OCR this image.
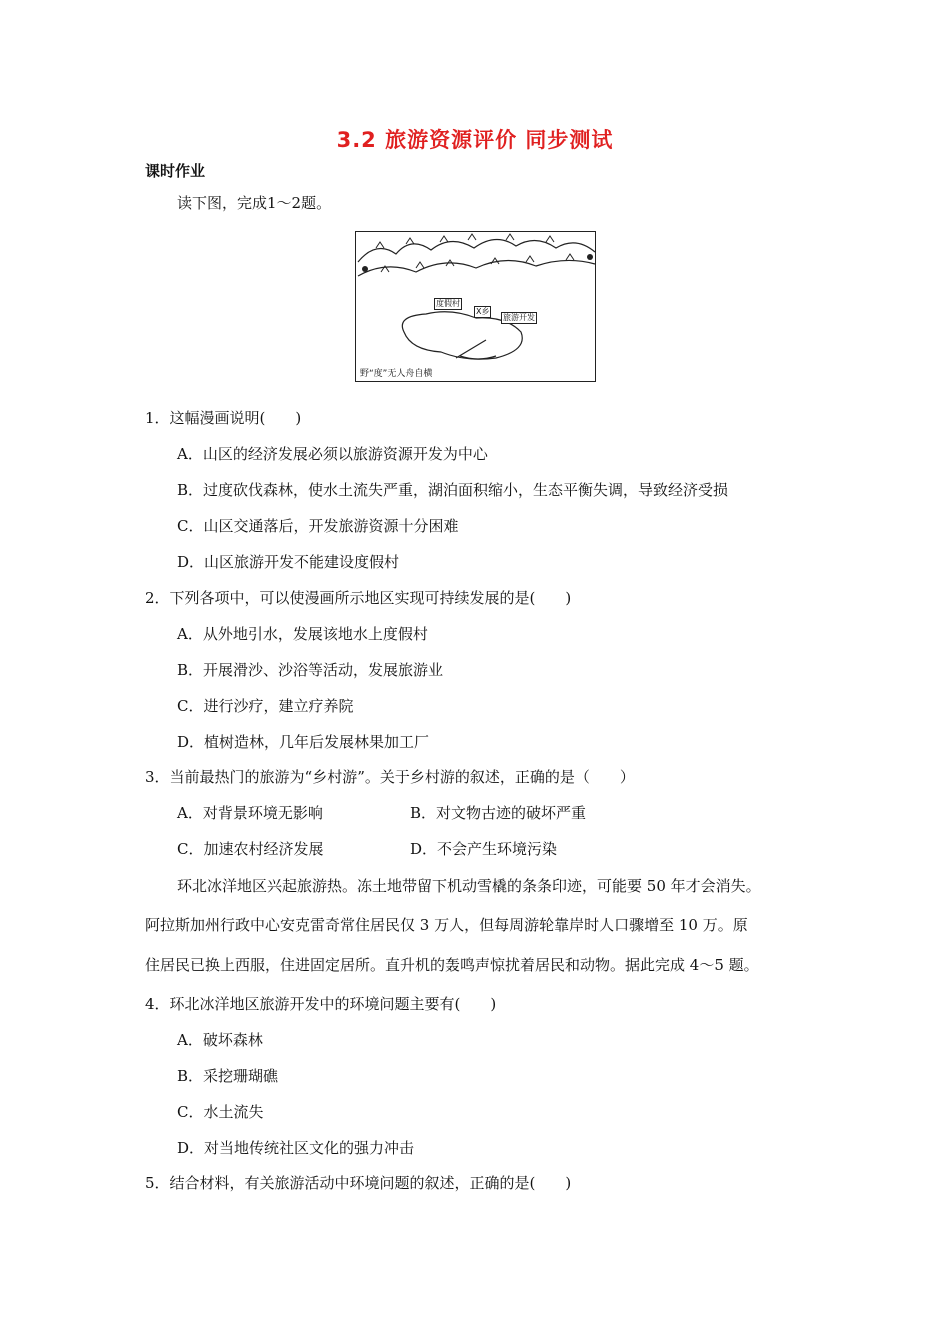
3.2 旅游资源评价 同步测试
课时作业
读下图，完成1～2题。
度假村
X乡
旅游开发
野“度”无人舟自横
1．这幅漫画说明(　　)
A．山区的经济发展必须以旅游资源开发为中心
B．过度砍伐森林，使水土流失严重，湖泊面积缩小，生态平衡失调，导致经济受损
C．山区交通落后，开发旅游资源十分困难
D．山区旅游开发不能建设度假村
2．下列各项中，可以使漫画所示地区实现可持续发展的是(　　)
A．从外地引水，发展该地水上度假村
B．开展滑沙、沙浴等活动，发展旅游业
C．进行沙疗，建立疗养院
D．植树造林，几年后发展林果加工厂
3．当前最热门的旅游为“乡村游”。关于乡村游的叙述，正确的是（　　）
A．对背景环境无影响	B．对文物古迹的破坏严重
C．加速农村经济发展	D．不会产生环境污染
环北冰洋地区兴起旅游热。冻土地带留下机动雪橇的条条印迹，可能要 50 年才会消失。
阿拉斯加州行政中心安克雷奇常住居民仅 3 万人，但每周游轮靠岸时人口骤增至 10 万。原
住居民已换上西服，住进固定居所。直升机的轰鸣声惊扰着居民和动物。据此完成 4～5 题。
4．环北冰洋地区旅游开发中的环境问题主要有(　　)
A．破坏森林
B．采挖珊瑚礁
C．水土流失
D．对当地传统社区文化的强力冲击
5．结合材料，有关旅游活动中环境问题的叙述，正确的是(　　)
